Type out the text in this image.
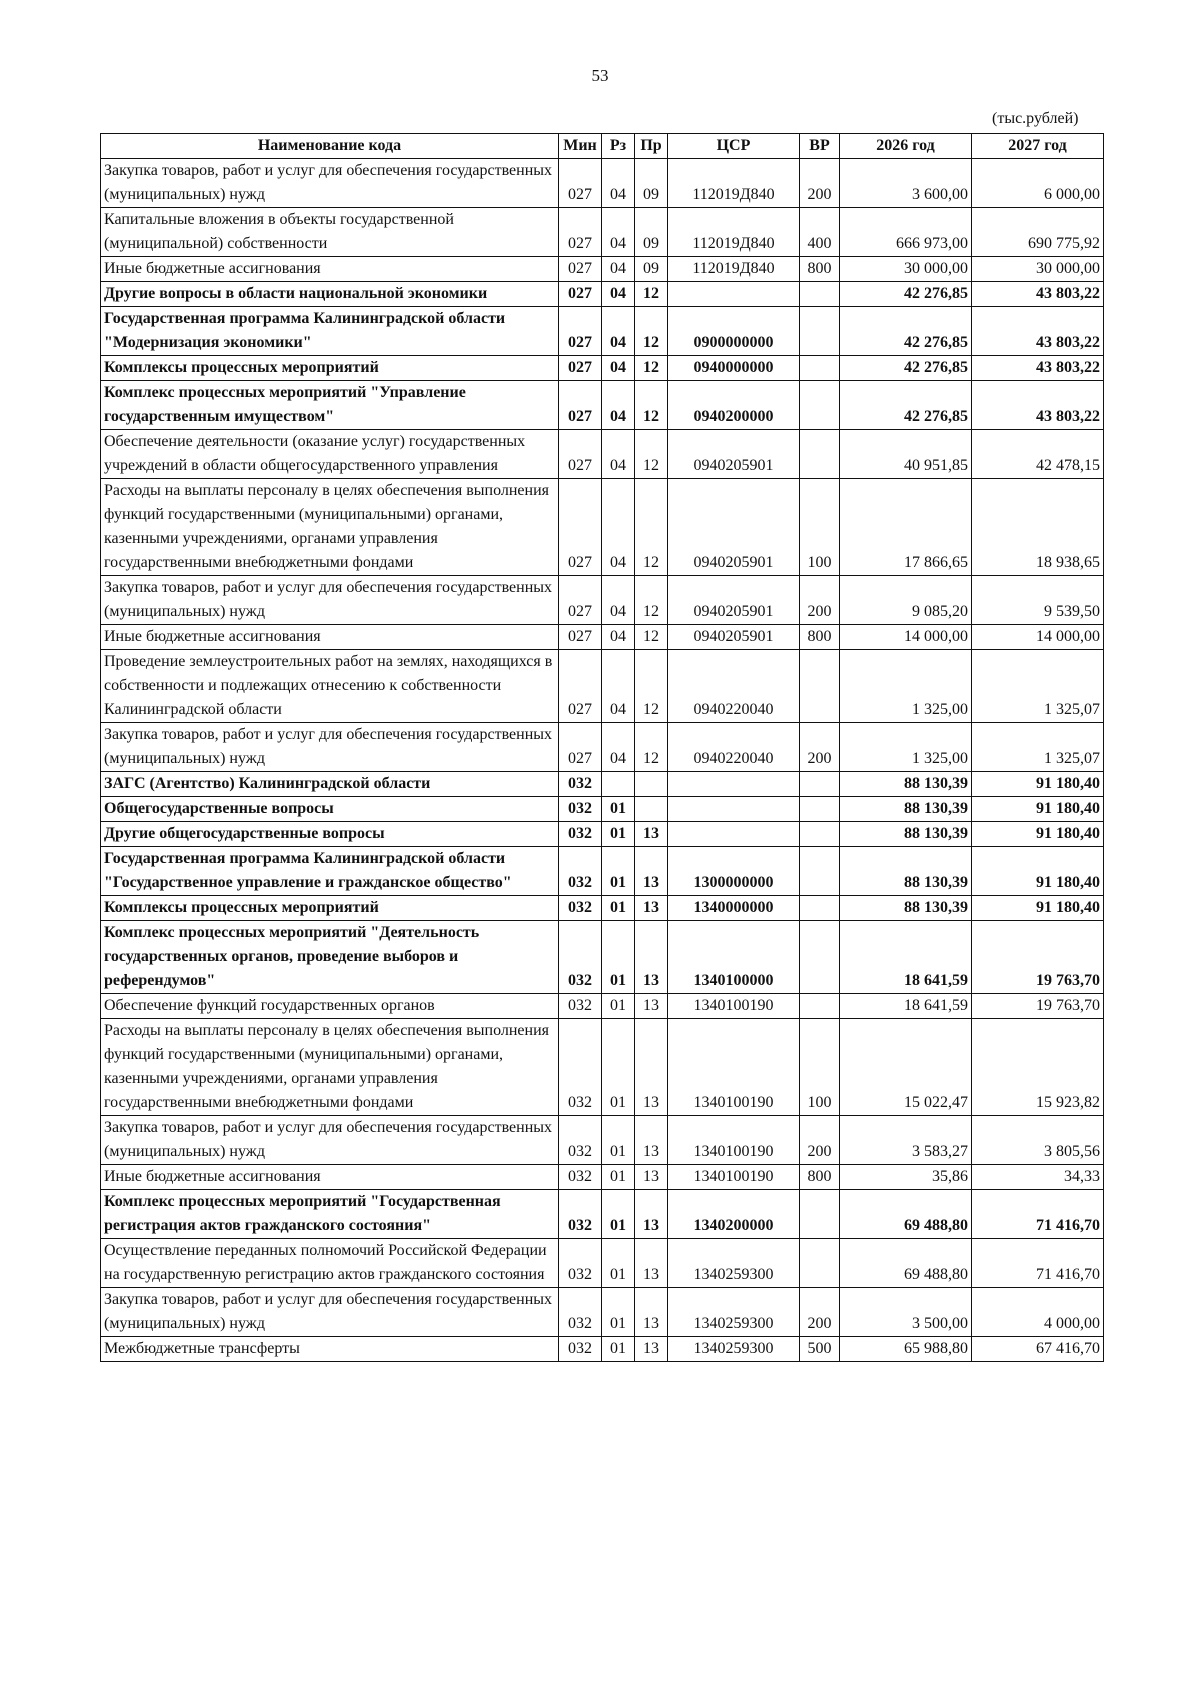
53
(тыс.рублей)
Наименование кода	Мин	Рз	Пр	ЦСР	ВР	2026 год	2027 год
Закупка товаров, работ и услуг для обеспечения государственных (муниципальных) нужд	027	04	09	112019Д840	200	3 600,00	6 000,00
Капитальные вложения в объекты государственной (муниципальной) собственности	027	04	09	112019Д840	400	666 973,00	690 775,92
Иные бюджетные ассигнования	027	04	09	112019Д840	800	30 000,00	30 000,00
Другие вопросы в области национальной экономики	027	04	12			42 276,85	43 803,22
Государственная программа Калининградской области "Модернизация экономики"	027	04	12	0900000000		42 276,85	43 803,22
Комплексы процессных мероприятий	027	04	12	0940000000		42 276,85	43 803,22
Комплекс процессных мероприятий "Управление государственным имуществом"	027	04	12	0940200000		42 276,85	43 803,22
Обеспечение деятельности (оказание услуг) государственных учреждений в области общегосударственного управления	027	04	12	0940205901		40 951,85	42 478,15
Расходы на выплаты персоналу в целях обеспечения выполнения функций государственными (муниципальными) органами, казенными учреждениями, органами управления государственными внебюджетными фондами	027	04	12	0940205901	100	17 866,65	18 938,65
Закупка товаров, работ и услуг для обеспечения государственных (муниципальных) нужд	027	04	12	0940205901	200	9 085,20	9 539,50
Иные бюджетные ассигнования	027	04	12	0940205901	800	14 000,00	14 000,00
Проведение землеустроительных работ на землях, находящихся в собственности и подлежащих отнесению к собственности Калининградской области	027	04	12	0940220040		1 325,00	1 325,07
Закупка товаров, работ и услуг для обеспечения государственных (муниципальных) нужд	027	04	12	0940220040	200	1 325,00	1 325,07
ЗАГС (Агентство) Калининградской области	032					88 130,39	91 180,40
Общегосударственные вопросы	032	01				88 130,39	91 180,40
Другие общегосударственные вопросы	032	01	13			88 130,39	91 180,40
Государственная программа Калининградской области "Государственное управление и гражданское общество"	032	01	13	1300000000		88 130,39	91 180,40
Комплексы процессных мероприятий	032	01	13	1340000000		88 130,39	91 180,40
Комплекс процессных мероприятий "Деятельность государственных органов, проведение выборов и референдумов"	032	01	13	1340100000		18 641,59	19 763,70
Обеспечение функций государственных органов	032	01	13	1340100190		18 641,59	19 763,70
Расходы на выплаты персоналу в целях обеспечения выполнения функций государственными (муниципальными) органами, казенными учреждениями, органами управления государственными внебюджетными фондами	032	01	13	1340100190	100	15 022,47	15 923,82
Закупка товаров, работ и услуг для обеспечения государственных (муниципальных) нужд	032	01	13	1340100190	200	3 583,27	3 805,56
Иные бюджетные ассигнования	032	01	13	1340100190	800	35,86	34,33
Комплекс процессных мероприятий "Государственная регистрация актов гражданского состояния"	032	01	13	1340200000		69 488,80	71 416,70
Осуществление переданных полномочий Российской Федерации на государственную регистрацию актов гражданского состояния	032	01	13	1340259300		69 488,80	71 416,70
Закупка товаров, работ и услуг для обеспечения государственных (муниципальных) нужд	032	01	13	1340259300	200	3 500,00	4 000,00
Межбюджетные трансферты	032	01	13	1340259300	500	65 988,80	67 416,70
